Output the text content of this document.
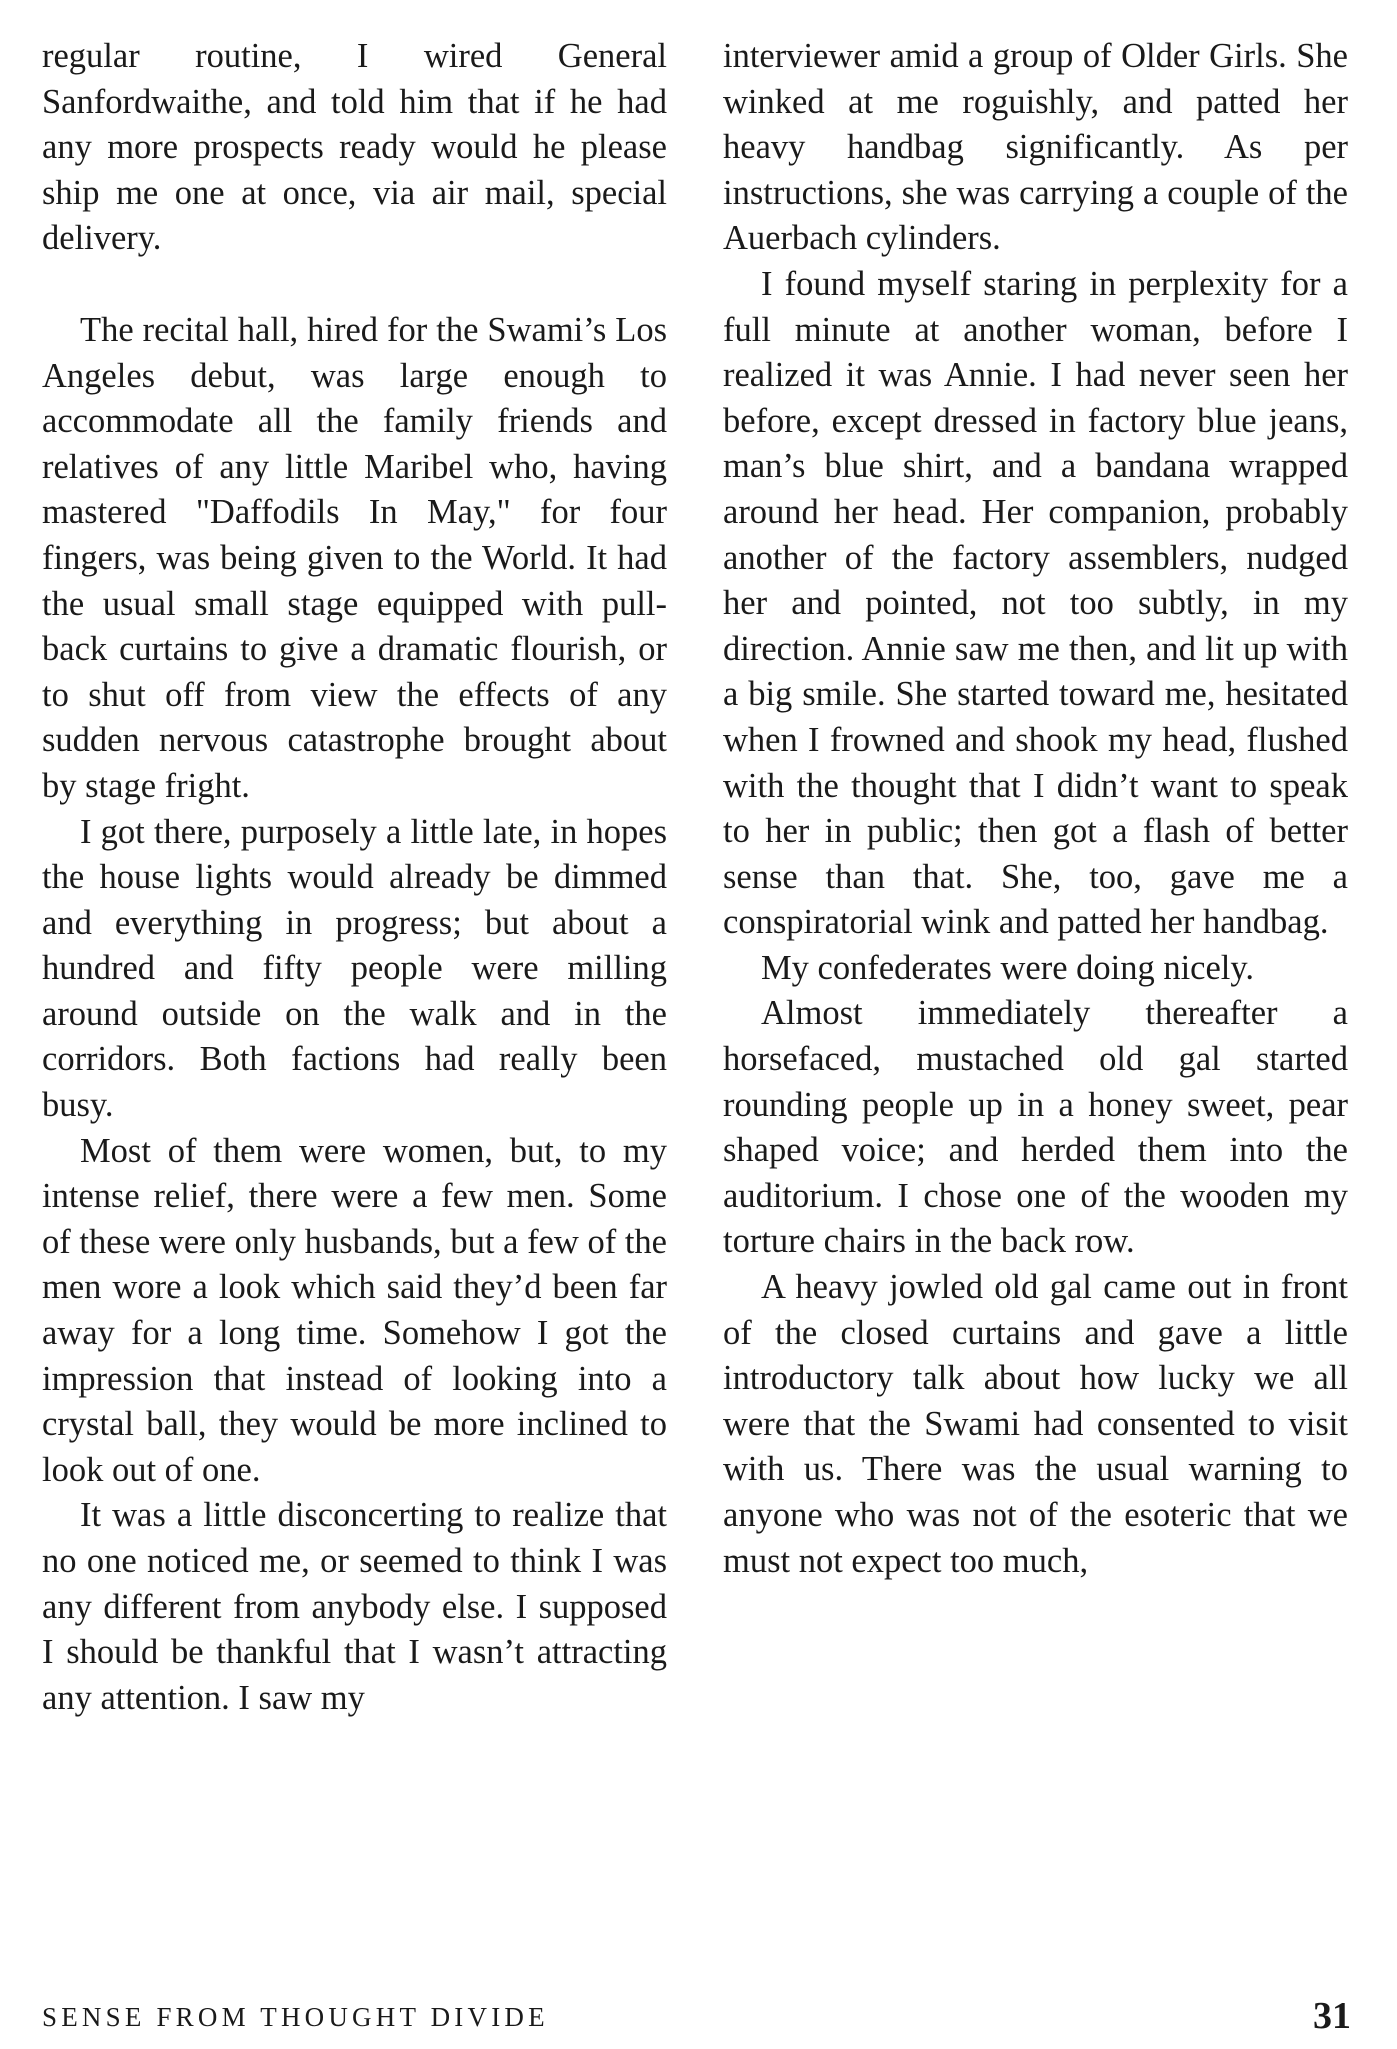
regular routine, I wired General Sanfordwaithe, and told him that if he had any more prospects ready would he please ship me one at once, via air mail, special delivery.

The recital hall, hired for the Swami’s Los Angeles debut, was large enough to accommodate all the family friends and relatives of any little Maribel who, having mastered "Daffodils In May," for four fingers, was being given to the World. It had the usual small stage equipped with pull-back curtains to give a dramatic flourish, or to shut off from view the effects of any sudden nervous catastrophe brought about by stage fright.

I got there, purposely a little late, in hopes the house lights would already be dimmed and everything in progress; but about a hundred and fifty people were milling around outside on the walk and in the corridors. Both factions had really been busy.

Most of them were women, but, to my intense relief, there were a few men. Some of these were only husbands, but a few of the men wore a look which said they’d been far away for a long time. Somehow I got the impression that instead of looking into a crystal ball, they would be more inclined to look out of one.

It was a little disconcerting to realize that no one noticed me, or seemed to think I was any different from anybody else. I supposed I should be thankful that I wasn’t attracting any attention. I saw my

interviewer amid a group of Older Girls. She winked at me roguishly, and patted her heavy handbag significantly. As per instructions, she was carrying a couple of the Auerbach cylinders.

I found myself staring in perplexity for a full minute at another woman, before I realized it was Annie. I had never seen her before, except dressed in factory blue jeans, man’s blue shirt, and a bandana wrapped around her head. Her companion, probably another of the factory assemblers, nudged her and pointed, not too subtly, in my direction. Annie saw me then, and lit up with a big smile. She started toward me, hesitated when I frowned and shook my head, flushed with the thought that I didn’t want to speak to her in public; then got a flash of better sense than that. She, too, gave me a conspiratorial wink and patted her handbag.

My confederates were doing nicely.

Almost immediately thereafter a horsefaced, mustached old gal started rounding people up in a honey sweet, pear shaped voice; and herded them into the auditorium. I chose one of the wooden my torture chairs in the back row.

A heavy jowled old gal came out in front of the closed curtains and gave a little introductory talk about how lucky we all were that the Swami had consented to visit with us. There was the usual warning to anyone who was not of the esoteric that we must not expect too much,

SENSE FROM THOUGHT DIVIDE	31
